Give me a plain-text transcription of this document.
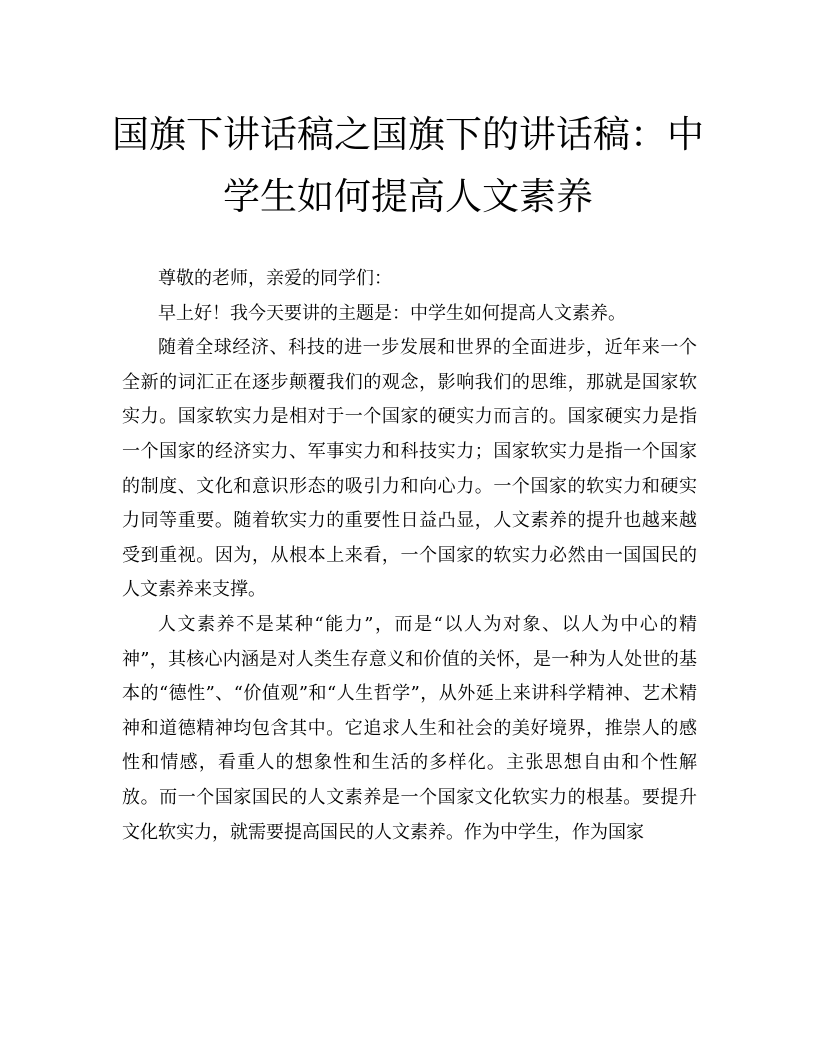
国旗下讲话稿之国旗下的讲话稿：中学生如何提高人文素养

尊敬的老师，亲爱的同学们：

早上好！我今天要讲的主题是：中学生如何提高人文素养。

随着全球经济、科技的进一步发展和世界的全面进步，近年来一个全新的词汇正在逐步颠覆我们的观念，影响我们的思维，那就是国家软实力。国家软实力是相对于一个国家的硬实力而言的。国家硬实力是指一个国家的经济实力、军事实力和科技实力；国家软实力是指一个国家的制度、文化和意识形态的吸引力和向心力。一个国家的软实力和硬实力同等重要。随着软实力的重要性日益凸显，人文素养的提升也越来越受到重视。因为，从根本上来看，一个国家的软实力必然由一国国民的人文素养来支撑。

人文素养不是某种“能力”，而是“以人为对象、以人为中心的精神”，其核心内涵是对人类生存意义和价值的关怀，是一种为人处世的基本的“德性”、“价值观”和“人生哲学”，从外延上来讲科学精神、艺术精神和道德精神均包含其中。它追求人生和社会的美好境界，推崇人的感性和情感，看重人的想象性和生活的多样化。主张思想自由和个性解放。而一个国家国民的人文素养是一个国家文化软实力的根基。要提升文化软实力，就需要提高国民的人文素养。作为中学生，作为国家
